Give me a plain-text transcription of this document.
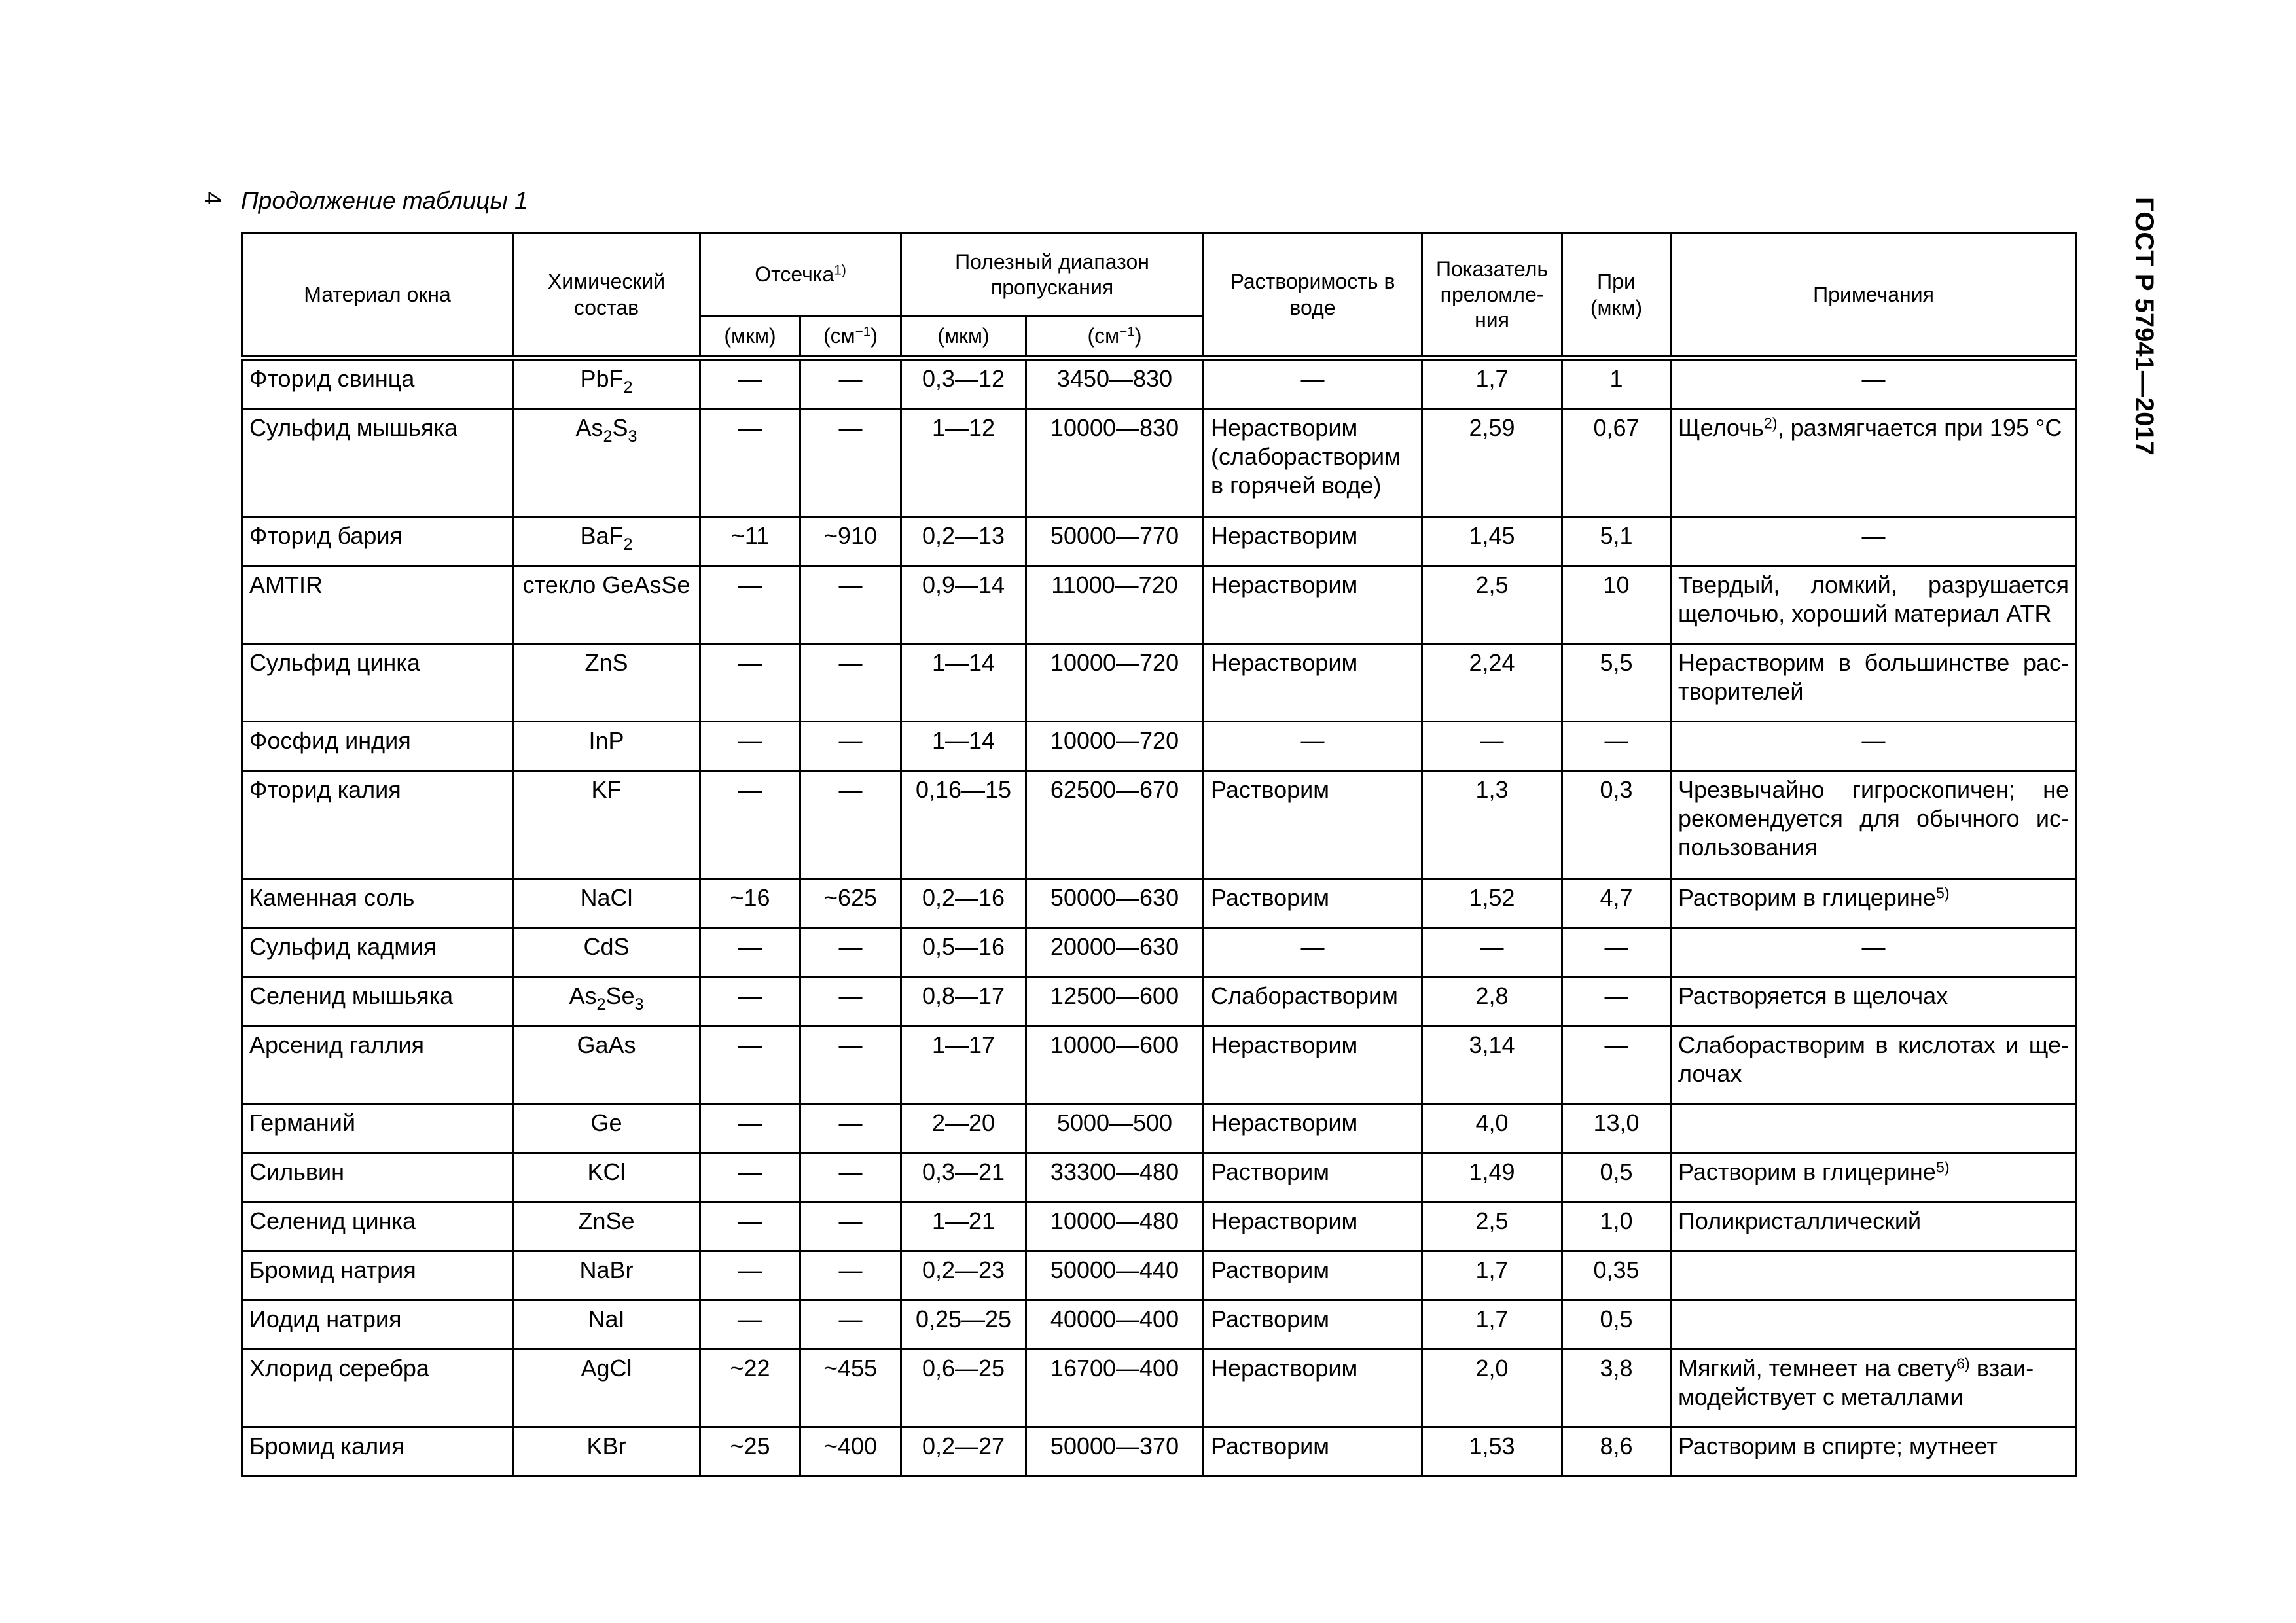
4 Продолжение таблицы 1	ГОСТ Р 57941—2017
Материал окна	Химический состав	Отсечка$^{1)}$		Полезный диапазон пропускания		Растворимость в воде	Показатель преломле-ния	При (мкм)	Примечания
		(мкм)	$(см^{-1})$	(мкм)	$(см^{-1})$				
Фторид свинца	PbF$_2$	—	—	0,3—12	3450—830	—	1,7	1	—
Сульфид мышьяка	$As_2S_3$	—	—	1—12	10000—830	Нерастворим (слаборастворим в горячей воде)	2,59	0,67	Щелочь$^{2)}$, размягчается при 195 °С
Фторид бария	BaF$_2$	~11	~910	0,2—13	50000—770	Нерастворим	1,45	5,1	—
AMTIR	стекло GeAsSe	—	—	0,9—14	11000—720	Нерастворим	2,5	10	Твердый, ломкий, разрушается щелочью, хороший материал ATR
Сульфид цинка	ZnS	—	—	1—14	10000—720	Нерастворим	2,24	5,5	Нерастворим в большинстве рас-творителей
Фосфид индия	InP	—	—	1—14	10000—720	—	—	—	—
Фторид калия	KF	—	—	0,16—15	62500—670	Растворим	1,3	0,3	Чрезвычайно гигроскопичен; не рекомендуется для обычного ис-пользования
Каменная соль	NaCl	~16	~625	0,2—16	50000—630	Растворим	1,52	4,7	Растворим в глицерине$^{5)}$
Сульфид кадмия	CdS	—	—	0,5—16	20000—630	—	—	—	—
Селенид мышьяка	$As_2Se_3$	—	—	0,8—17	12500—600	Слаборастворим	2,8	—	Растворяется в щелочах
Арсенид галлия	GaAs	—	—	1—17	10000—600	Нерастворим	3,14	—	Слаборастворим в кислотах и ще-лочах
Германий	Ge	—	—	2—20	5000—500	Нерастворим	4,0	13,0	
Сильвин	KCl	—	—	0,3—21	33300—480	Растворим	1,49	0,5	Растворим в глицерине$^{5)}$
Селенид цинка	ZnSe	—	—	1—21	10000—480	Нерастворим	2,5	1,0	Поликристаллический
Бромид натрия	NaBr	—	—	0,2—23	50000—440	Растворим	1,7	0,35	
Иодид натрия	NaI	—	—	0,25—25	40000—400	Растворим	1,7	0,5	
Хлорид серебра	AgCl	~22	~455	0,6—25	16700—400	Нерастворим	2,0	3,8	Мягкий, темнеет на свету$^{6)}$ взаи-модействует с металлами
Бромид калия	KBr	~25	~400	0,2—27	50000—370	Растворим	1,53	8,6	Растворим в спирте; мутнеет
